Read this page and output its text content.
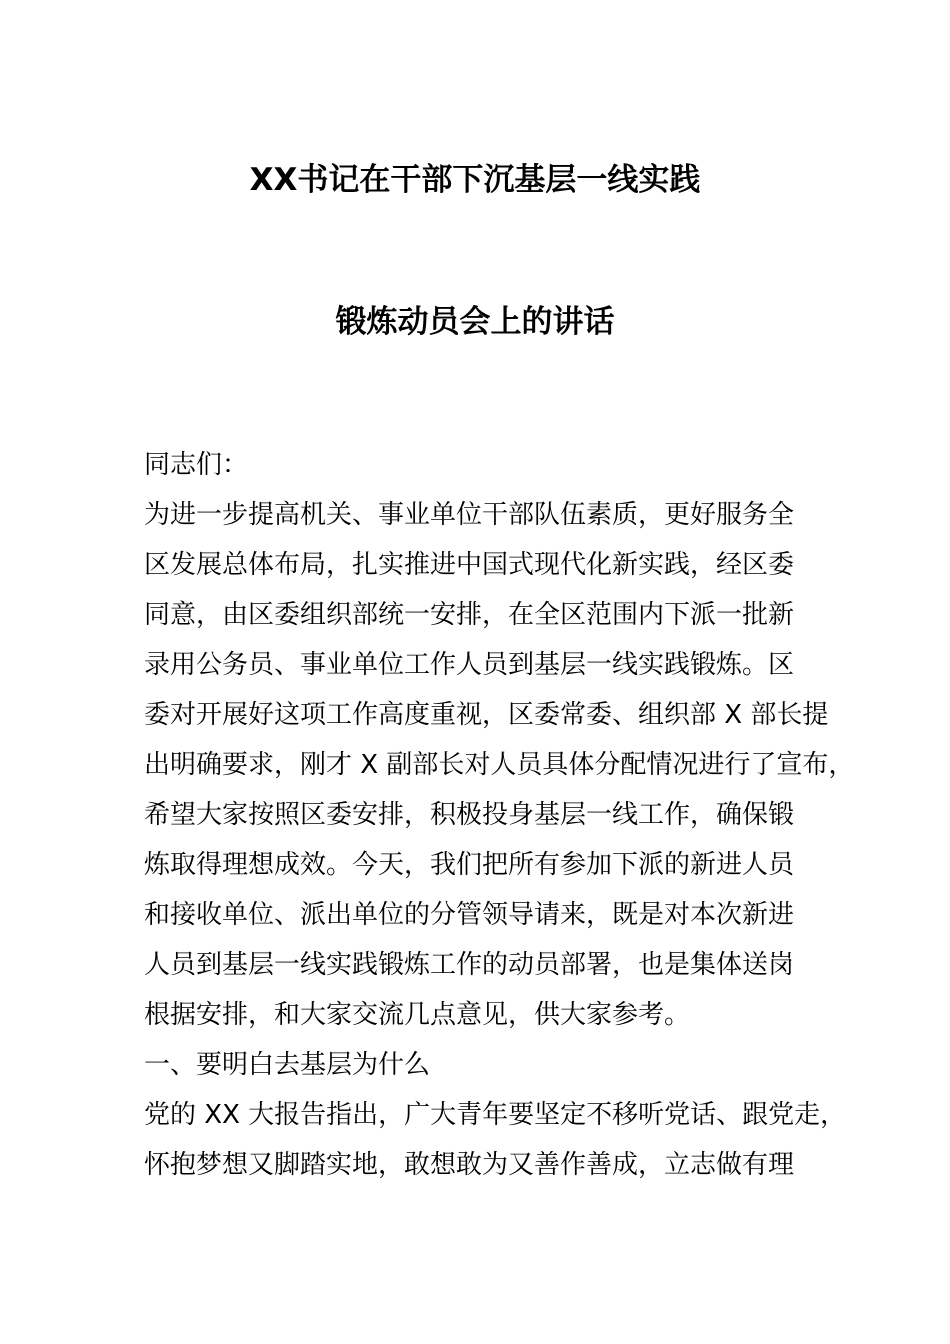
XX书记在干部下沉基层一线实践
锻炼动员会上的讲话
同志们：
为进一步提高机关、事业单位干部队伍素质，更好服务全
区发展总体布局，扎实推进中国式现代化新实践，经区委
同意，由区委组织部统一安排，在全区范围内下派一批新
录用公务员、事业单位工作人员到基层一线实践锻炼。区
委对开展好这项工作高度重视，区委常委、组织部 X 部长提
出明确要求，刚才 X 副部长对人员具体分配情况进行了宣布，
希望大家按照区委安排，积极投身基层一线工作，确保锻
炼取得理想成效。今天，我们把所有参加下派的新进人员
和接收单位、派出单位的分管领导请来，既是对本次新进
人员到基层一线实践锻炼工作的动员部署，也是集体送岗
根据安排，和大家交流几点意见，供大家参考。
一、要明白去基层为什么
党的 XX 大报告指出，广大青年要坚定不移听党话、跟党走，
怀抱梦想又脚踏实地，敢想敢为又善作善成，立志做有理
